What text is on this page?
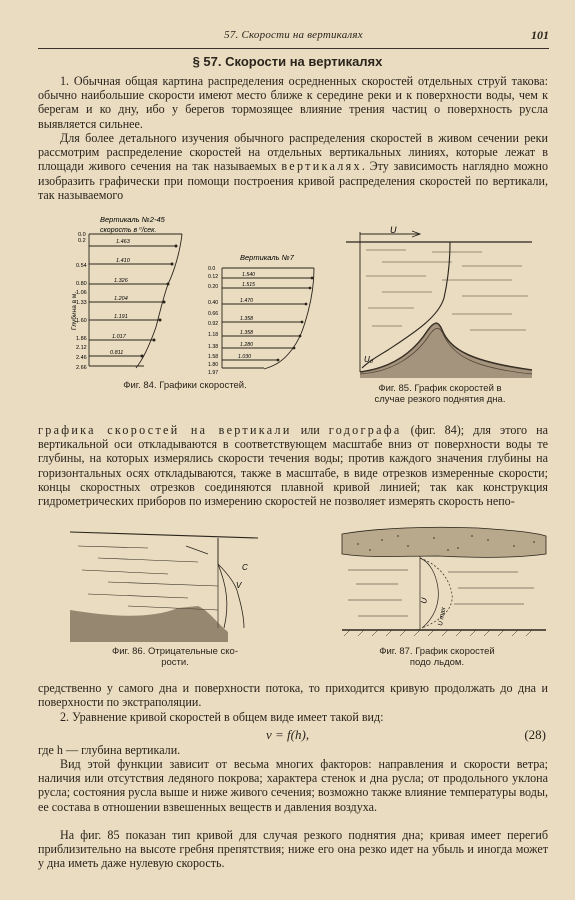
57. Скорости на вертикалях	101
§ 57. Скорости на вертикалях
1. Обычная общая картина распределения осредненных скоростей отдельных струй такова: обычно наибольшие скорости имеют место ближе к середине реки и к поверхности воды, чем к берегам и ко дну, ибо у берегов тормозящее влияние трения частиц о поверхность русла выявляется сильнее.
Для более детального изучения обычного распределения скоростей в живом сечении реки рассмотрим распределение скоростей на отдельных вертикальных линиях, которые лежат в площади живого сечения на так называемых вертикалях. Эту зависимость наглядно можно изобразить графически при помощи построения кривой распределения скоростей по вертикали, так называемого
Вертикаль №2-45
скорость в ⁰/сек.
Глубина в м.
0.0
0.2
0.54
0.80
1.06
1.33
1.60
1.86
2.12
2.46
2.66
1.463
1.410
1.326
1.204
1.191
1.017
0.811
Вертикаль №7
0.0
0.12
0.20
0.40
0.66
0.92
1.18
1.38
1.58
1.80
1.97
1.540
1.515
1.470
1.358
1.358
1.280
1.030
Фиг. 84. Графики скоростей.
U
U₀
Фиг. 85. График скоростей в
случае резкого поднятия дна.
графика скоростей на вертикали или годографа (фиг. 84); для этого на вертикальной оси откладываются в соответствующем масштабе вниз от поверхности воды те глубины, на которых измерялись скорости течения воды; против каждого значения глубины на горизонтальных осях откладываются, также в масштабе, в виде отрезков измеренные скорости; концы скоростных отрезков соединяются плавной кривой линией; так как конструкция гидрометрических приборов по измерению скоростей не позволяет измерять скорость непо-
C
V
Фиг. 86. Отрицательные ско-
рости.
U
U max
Фиг. 87. График скоростей
подо льдом.
средственно у самого дна и поверхности потока, то приходится кривую продолжать до дна и поверхности по экстраполяции.
2. Уравнение кривой скоростей в общем виде имеет такой вид:
v = f(h),	(28)
где h — глубина вертикали.
Вид этой функции зависит от весьма многих факторов: направления и скорости ветра; наличия или отсутствия ледяного покрова; характера стенок и дна русла; от продольного уклона русла; состояния русла выше и ниже живого сечения; возможно также влияние температуры воды, ее состава в отношении взвешенных веществ и давления воздуха.
На фиг. 85 показан тип кривой для случая резкого поднятия дна; кривая имеет перегиб приблизительно на высоте гребня препятствия; ниже его она резко идет на убыль и иногда может у дна иметь даже нулевую скорость.
